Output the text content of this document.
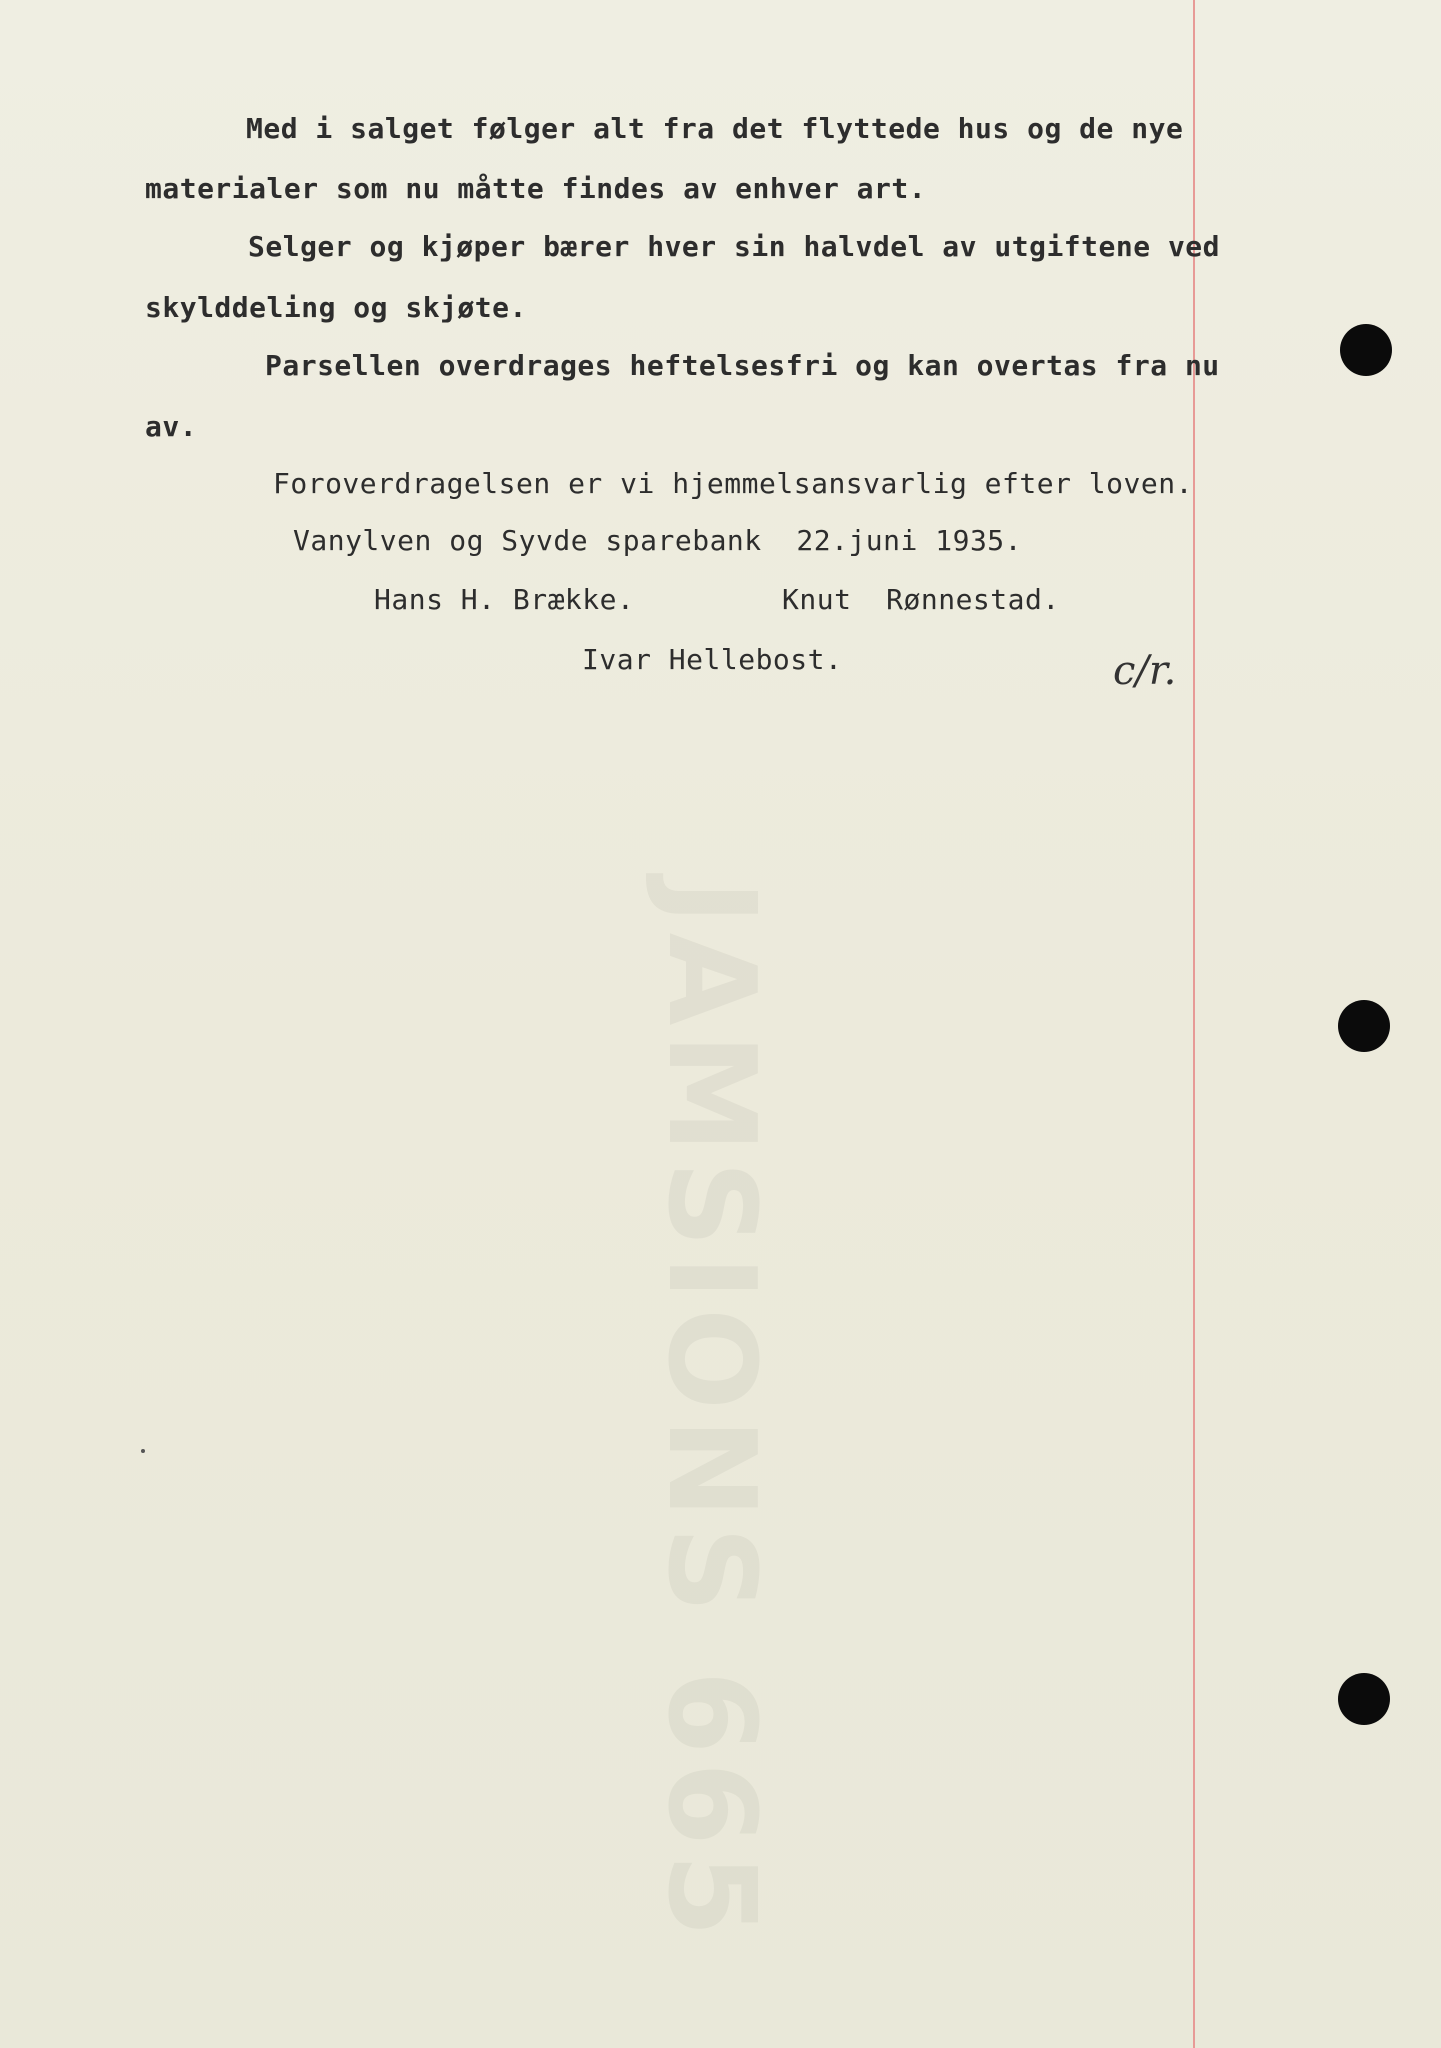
JAMSIONS 665
Med i salget følger alt fra det flyttede hus og de nye
materialer som nu måtte findes av enhver art.
Selger og kjøper bærer hver sin halvdel av utgiftene ved
skylddeling og skjøte.
Parsellen overdrages heftelsesfri og kan overtas fra nu
av.
Foroverdragelsen er vi hjemmelsansvarlig efter loven.
Vanylven og Syvde sparebank  22.juni 1935.
Hans H. Brække.	Knut  Rønnestad.
Ivar Hellebost.	c/r.
